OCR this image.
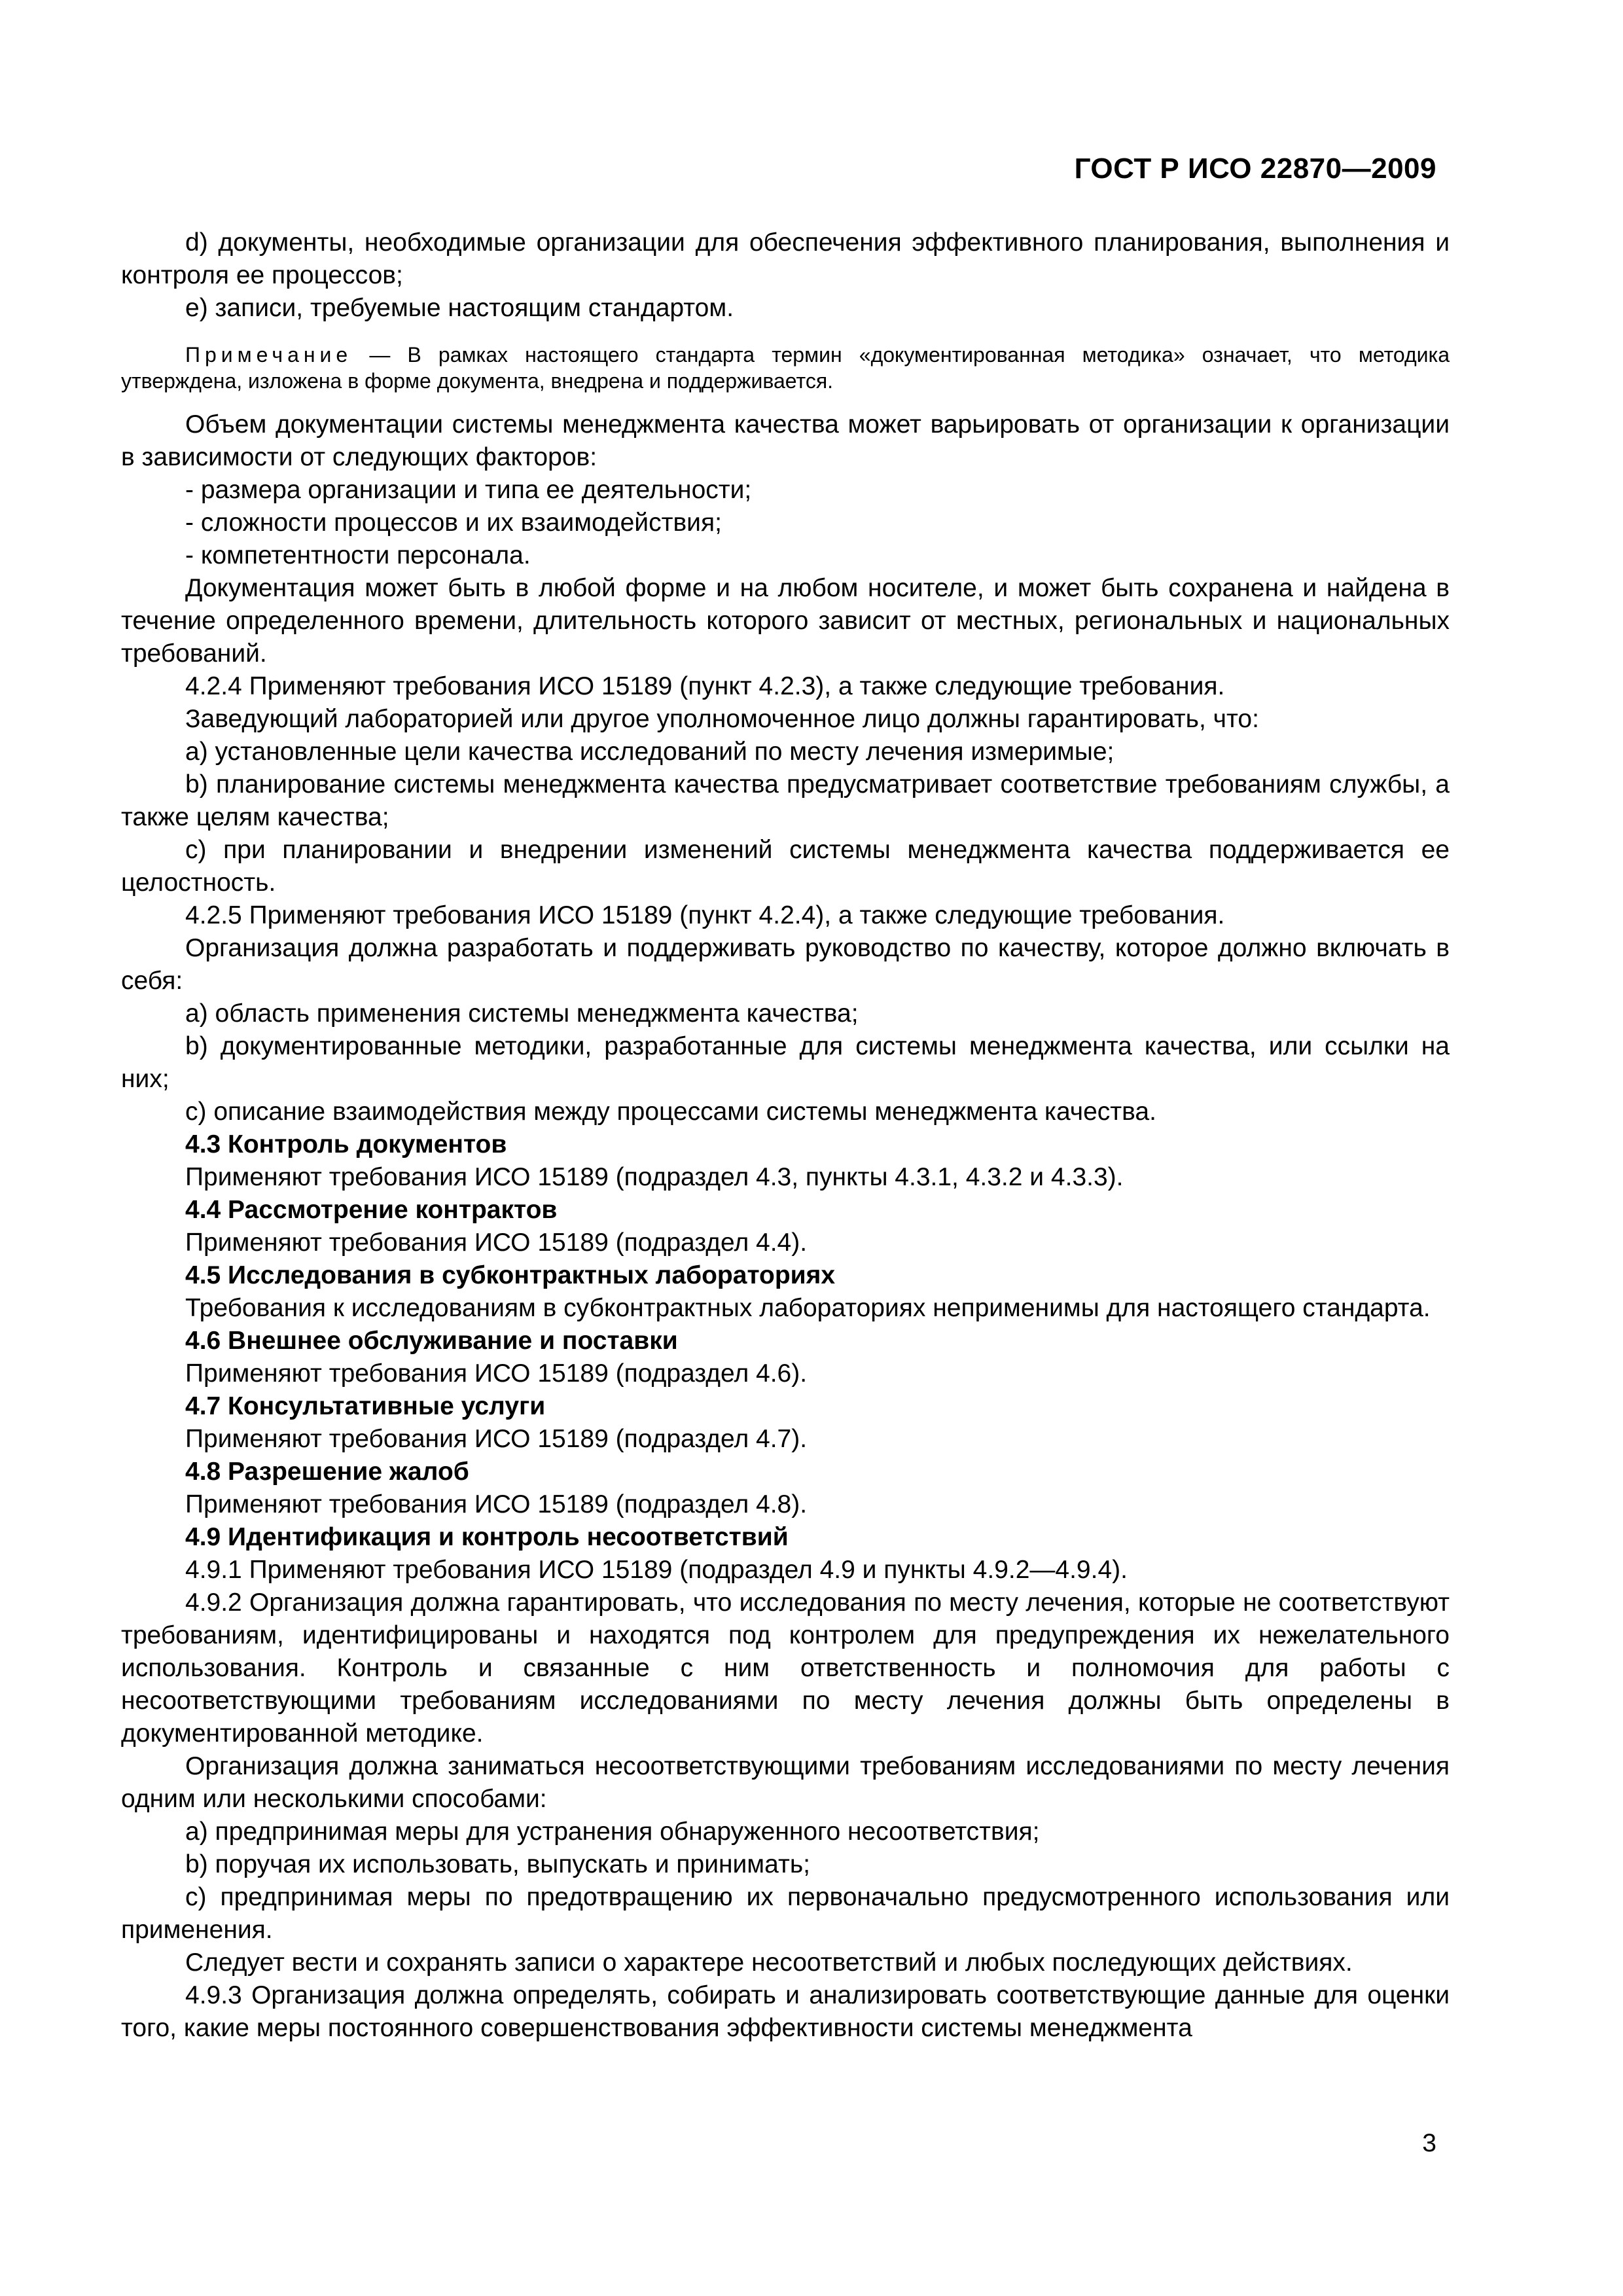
ГОСТ Р ИСО 22870—2009

d) документы, необходимые организации для обеспечения эффективного планирования, выполнения и контроля ее процессов;

e) записи, требуемые настоящим стандартом.

Примечание — В рамках настоящего стандарта термин «документированная методика» означает, что методика утверждена, изложена в форме документа, внедрена и поддерживается.

Объем документации системы менеджмента качества может варьировать от организации к организации в зависимости от следующих факторов:

- размера организации и типа ее деятельности;

- сложности процессов и их взаимодействия;

- компетентности персонала.

Документация может быть в любой форме и на любом носителе, и может быть сохранена и найдена в течение определенного времени, длительность которого зависит от местных, региональных и национальных требований.

4.2.4 Применяют требования ИСО 15189 (пункт 4.2.3), а также следующие требования.

Заведующий лабораторией или другое уполномоченное лицо должны гарантировать, что:

a) установленные цели качества исследований по месту лечения измеримые;

b) планирование системы менеджмента качества предусматривает соответствие требованиям службы, а также целям качества;

c) при планировании и внедрении изменений системы менеджмента качества поддерживается ее целостность.

4.2.5 Применяют требования ИСО 15189 (пункт 4.2.4), а также следующие требования.

Организация должна разработать и поддерживать руководство по качеству, которое должно включать в себя:

a) область применения системы менеджмента качества;

b) документированные методики, разработанные для системы менеджмента качества, или ссылки на них;

c) описание взаимодействия между процессами системы менеджмента качества.

4.3 Контроль документов

Применяют требования ИСО 15189 (подраздел 4.3, пункты 4.3.1, 4.3.2 и 4.3.3).

4.4 Рассмотрение контрактов

Применяют требования ИСО 15189 (подраздел 4.4).

4.5 Исследования в субконтрактных лабораториях

Требования к исследованиям в субконтрактных лабораториях неприменимы для настоящего стандарта.

4.6 Внешнее обслуживание и поставки

Применяют требования ИСО 15189 (подраздел 4.6).

4.7 Консультативные услуги

Применяют требования ИСО 15189 (подраздел 4.7).

4.8 Разрешение жалоб

Применяют требования ИСО 15189 (подраздел 4.8).

4.9 Идентификация и контроль несоответствий

4.9.1 Применяют требования ИСО 15189 (подраздел 4.9 и пункты 4.9.2—4.9.4).

4.9.2 Организация должна гарантировать, что исследования по месту лечения, которые не соответствуют требованиям, идентифицированы и находятся под контролем для предупреждения их нежелательного использования. Контроль и связанные с ним ответственность и полномочия для работы с несоответствующими требованиям исследованиями по месту лечения должны быть определены в документированной методике.

Организация должна заниматься несоответствующими требованиям исследованиями по месту лечения одним или несколькими способами:

a) предпринимая меры для устранения обнаруженного несоответствия;

b) поручая их использовать, выпускать и принимать;

c) предпринимая меры по предотвращению их первоначально предусмотренного использования или применения.

Следует вести и сохранять записи о характере несоответствий и любых последующих действиях.

4.9.3 Организация должна определять, собирать и анализировать соответствующие данные для оценки того, какие меры постоянного совершенствования эффективности системы менеджмента

3
